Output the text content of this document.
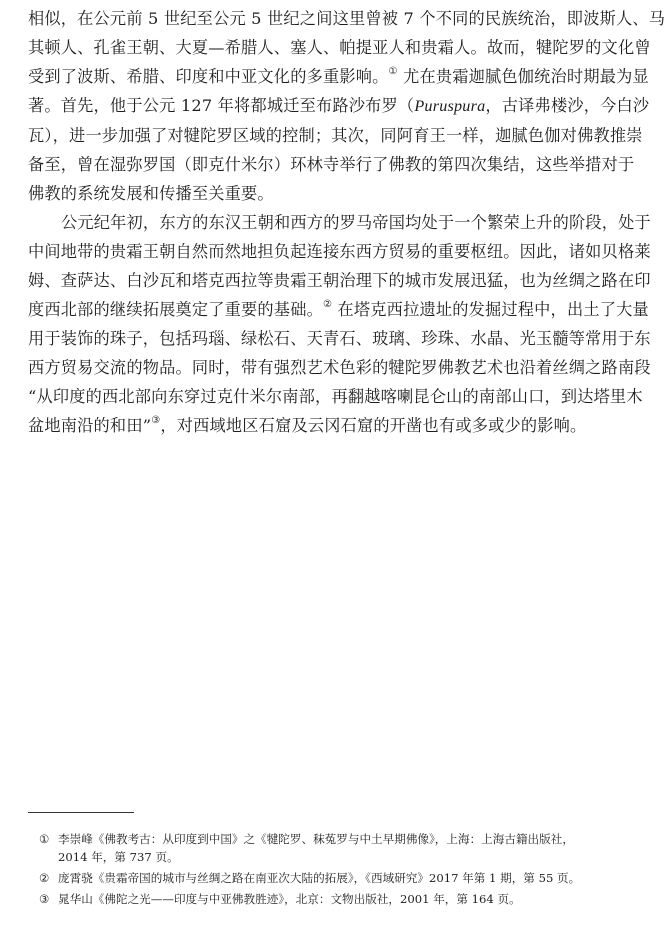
相似，在公元前 5 世纪至公元 5 世纪之间这里曾被 7 个不同的民族统治，即波斯人、马
其顿人、孔雀王朝、大夏—希腊人、塞人、帕提亚人和贵霜人。故而，犍陀罗的文化曾
受到了波斯、希腊、印度和中亚文化的多重影响。① 尤在贵霜迦腻色伽统治时期最为显
著。首先，他于公元 127 年将都城迁至布路沙布罗（Puruspura，古译弗楼沙，今白沙
瓦），进一步加强了对犍陀罗区域的控制；其次，同阿育王一样，迦腻色伽对佛教推崇
备至，曾在湿弥罗国（即克什米尔）环林寺举行了佛教的第四次集结，这些举措对于
佛教的系统发展和传播至关重要。

公元纪年初，东方的东汉王朝和西方的罗马帝国均处于一个繁荣上升的阶段，处于
中间地带的贵霜王朝自然而然地担负起连接东西方贸易的重要枢纽。因此，诸如贝格莱
姆、查萨达、白沙瓦和塔克西拉等贵霜王朝治理下的城市发展迅猛，也为丝绸之路在印
度西北部的继续拓展奠定了重要的基础。② 在塔克西拉遗址的发掘过程中，出土了大量
用于装饰的珠子，包括玛瑙、绿松石、天青石、玻璃、珍珠、水晶、光玉髓等常用于东
西方贸易交流的物品。同时，带有强烈艺术色彩的犍陀罗佛教艺术也沿着丝绸之路南段
“从印度的西北部向东穿过克什米尔南部，再翻越喀喇昆仑山的南部山口，到达塔里木
盆地南沿的和田”③，对西域地区石窟及云冈石窟的开凿也有或多或少的影响。

① 李崇峰《佛教考古：从印度到中国》之《犍陀罗、秣菟罗与中土早期佛像》，上海：上海古籍出版社，
2014 年，第 737 页。
② 庞霄骁《贵霜帝国的城市与丝绸之路在南亚次大陆的拓展》，《西域研究》2017 年第 1 期，第 55 页。
③ 晁华山《佛陀之光——印度与中亚佛教胜迹》，北京：文物出版社，2001 年，第 164 页。
